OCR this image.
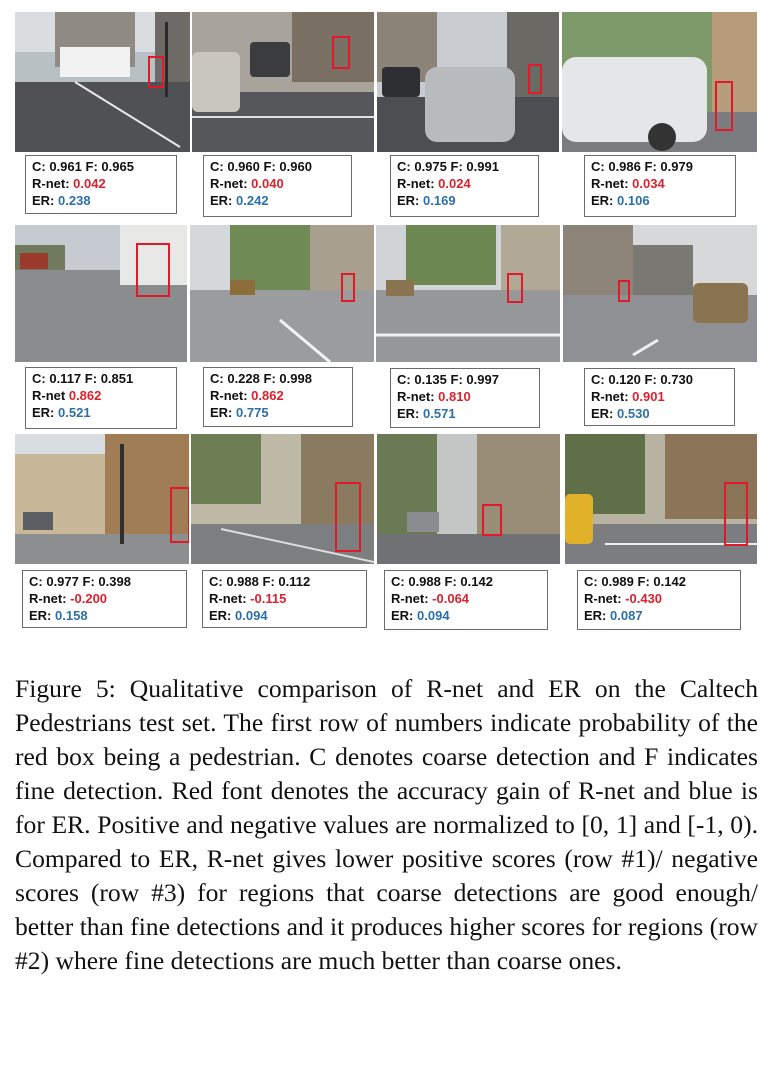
C: 0.961 F: 0.965
R-net: 0.042
ER: 0.238
C: 0.960 F: 0.960
R-net: 0.040
ER: 0.242
C: 0.975 F: 0.991
R-net: 0.024
ER: 0.169
C: 0.986 F: 0.979
R-net: 0.034
ER: 0.106
C: 0.117 F: 0.851
R-net 0.862
ER: 0.521
C: 0.228 F: 0.998
R-net: 0.862
ER: 0.775
C: 0.135 F: 0.997
R-net: 0.810
ER: 0.571
C: 0.120 F: 0.730
R-net: 0.901
ER: 0.530
C: 0.977 F: 0.398
R-net: -0.200
ER: 0.158
C: 0.988 F: 0.112
R-net: -0.115
ER: 0.094
C: 0.988 F: 0.142
R-net: -0.064
ER: 0.094
C: 0.989 F: 0.142
R-net: -0.430
ER: 0.087
Figure 5: Qualitative comparison of R-net and ER on the Caltech Pedestrians test set. The first row of numbers indicate probability of the red box being a pedestrian. C denotes coarse detection and F indicates fine detection. Red font denotes the accuracy gain of R-net and blue is for ER. Positive and negative values are normalized to [0, 1] and [-1, 0). Compared to ER, R-net gives lower positive scores (row #1)/ negative scores (row #3) for regions that coarse detections are good enough/ better than fine detections and it produces higher scores for regions (row #2) where fine detections are much better than coarse ones.
